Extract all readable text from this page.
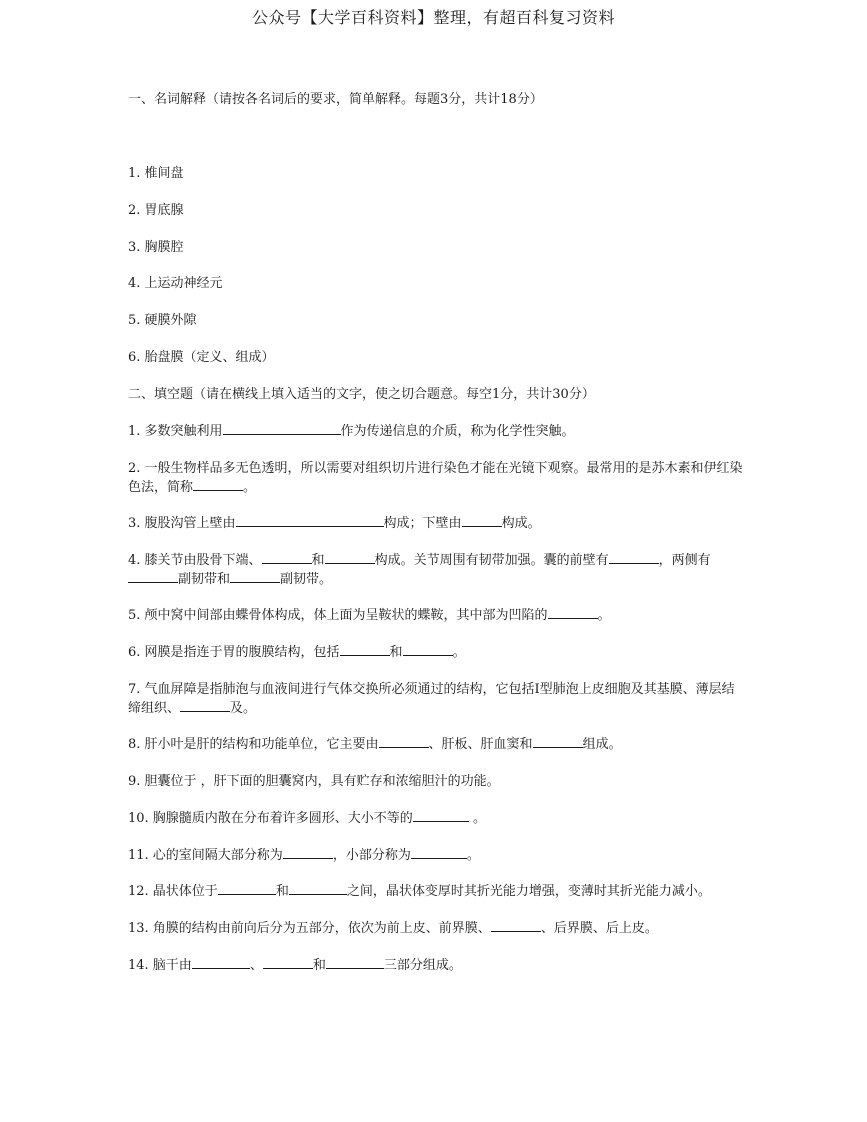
公众号【大学百科资料】整理，有超百科复习资料
一、名词解释（请按各名词后的要求，简单解释。每题3分，共计18分）
1. 椎间盘
2. 胃底腺
3. 胸膜腔
4. 上运动神经元
5. 硬膜外隙
6. 胎盘膜（定义、组成）
二、填空题（请在横线上填入适当的文字，使之切合题意。每空1分，共计30分）
1. 多数突触利用	作为传递信息的介质，称为化学性突触。
2. 一般生物样品多无色透明，所以需要对组织切片进行染色才能在光镜下观察。最常用的是苏木素和伊红染色法，简称	。
3. 腹股沟管上壁由	构成；下壁由	构成。
4. 膝关节由股骨下端、	和	构成。关节周围有韧带加强。囊的前壁有	，两侧有副韧带和	副韧带。
5. 颅中窝中间部由蝶骨体构成，体上面为呈鞍状的蝶鞍，其中部为凹陷的	。
6. 网膜是指连于胃的腹膜结构，包括	和	。
7. 气血屏障是指肺泡与血液间进行气体交换所必须通过的结构，它包括I型肺泡上皮细胞及其基膜、薄层结缔组织、	及。
8. 肝小叶是肝的结构和功能单位，它主要由	、肝板、肝血窦和	组成。
9. 胆囊位于 ，肝下面的胆囊窝内，具有贮存和浓缩胆汁的功能。
10. 胸腺髓质内散在分布着许多圆形、大小不等的	。
11. 心的室间隔大部分称为	，小部分称为	。
12. 晶状体位于	和	之间，晶状体变厚时其折光能力增强，变薄时其折光能力减小。
13. 角膜的结构由前向后分为五部分，依次为前上皮、前界膜、	、后界膜、后上皮。
14. 脑干由	、	和	三部分组成。
